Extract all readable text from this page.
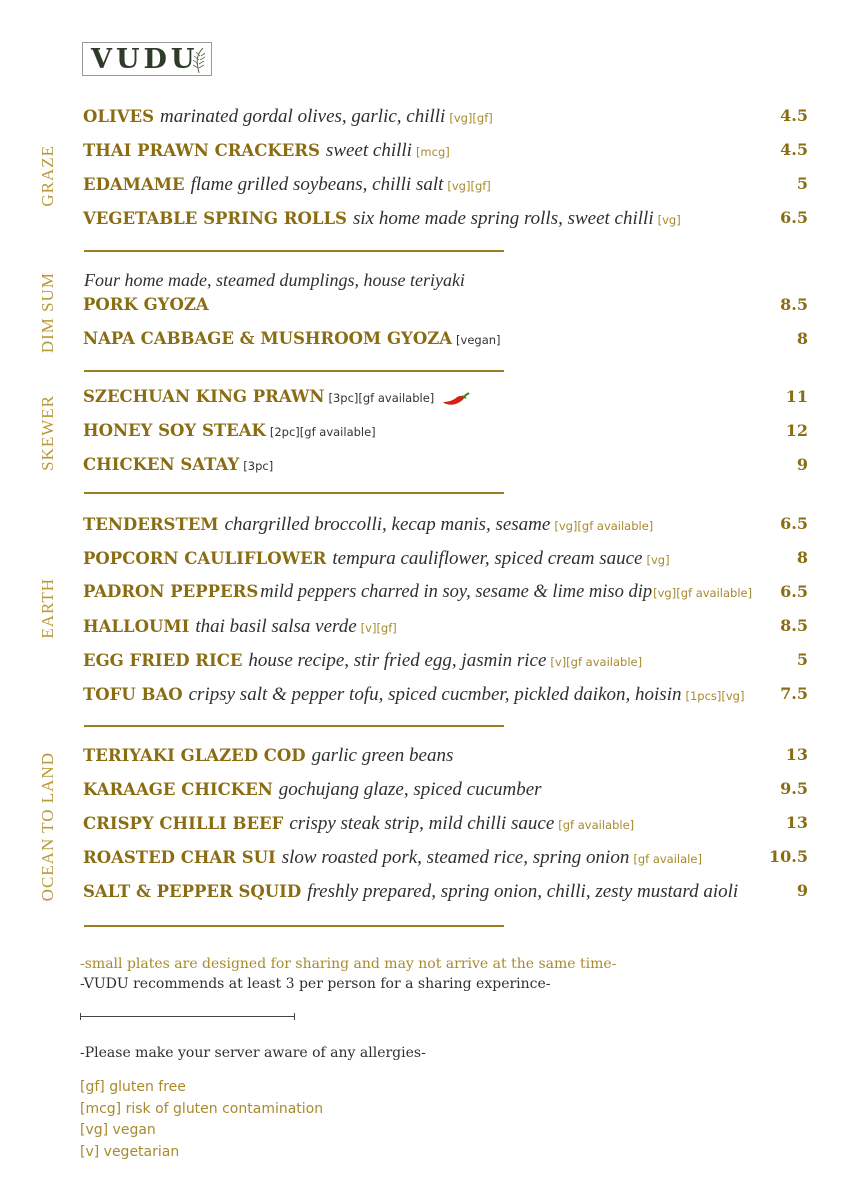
VUDU
GRAZE
DIM SUM
SKEWER
EARTH
OCEAN TO LAND
OLIVES marinated gordal olives, garlic, chilli [vg][gf]	4.5
THAI PRAWN CRACKERS sweet chilli [mcg]	4.5
EDAMAME flame grilled soybeans, chilli salt [vg][gf]	5
VEGETABLE SPRING ROLLS six home made spring rolls, sweet chilli [vg]	6.5
Four home made, steamed dumplings, house teriyaki
PORK GYOZA	8.5
NAPA CABBAGE & MUSHROOM GYOZA [vegan]	8
SZECHUAN KING PRAWN [3pc][gf available]	11
HONEY SOY STEAK [2pc][gf available]	12
CHICKEN SATAY [3pc]	9
TENDERSTEM chargrilled broccolli, kecap manis, sesame [vg][gf available]	6.5
POPCORN CAULIFLOWER tempura cauliflower, spiced cream sauce [vg]	8
PADRON PEPPERS mild peppers charred in soy, sesame & lime miso dip [vg][gf available] 6.5
HALLOUMI thai basil salsa verde [v][gf]	8.5
EGG FRIED RICE house recipe, stir fried egg, jasmin rice [v][gf available]	5
TOFU BAO cripsy salt & pepper tofu, spiced cucmber, pickled daikon, hoisin [1pcs][vg] 7.5
TERIYAKI GLAZED COD garlic green beans	13
KARAAGE CHICKEN gochujang glaze, spiced cucumber	9.5
CRISPY CHILLI BEEF crispy steak strip, mild chilli sauce [gf available]	13
ROASTED CHAR SUI slow roasted pork, steamed rice, spring onion [gf availale]	10.5
SALT & PEPPER SQUID freshly prepared, spring onion, chilli, zesty mustard aioli	9
-small plates are designed for sharing and may not arrive at the same time-
-VUDU recommends at least 3 per person for a sharing experince-
-Please make your server aware of any allergies-
[gf] gluten free
[mcg] risk of gluten contamination
[vg] vegan
[v] vegetarian
